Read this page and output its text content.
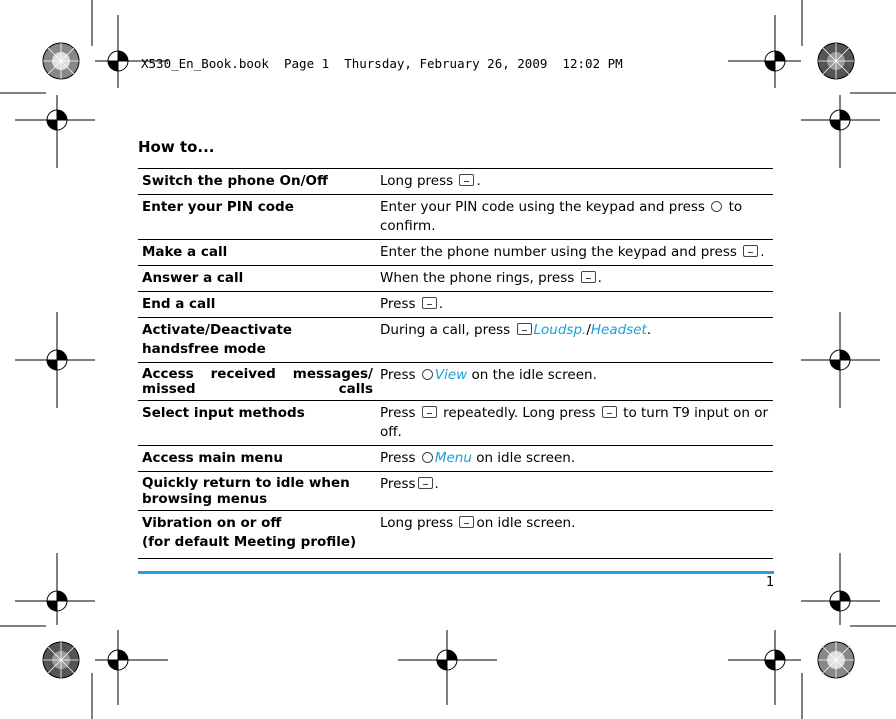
X530_En_Book.book  Page 1  Thursday, February 26, 2009  12:02 PM
How to...
Switch the phone On/Off	Long press .
Enter your PIN code	Enter your PIN code using the keypad and press to confirm.
Make a call	Enter the phone number using the keypad and press .
Answer a call	When the phone rings, press .
End a call	Press .
Activate/Deactivate
handsfree mode	During a call, press Loudsp./Headset.
Access received messages/ missed calls	Press View on the idle screen.
Select input methods	Press repeatedly. Long press to turn T9 input on or off.
Access main menu	Press Menu on idle screen.
Quickly return to idle when browsing menus	Press .
Vibration on or off
(for default Meeting profile)	Long press on idle screen.
1
